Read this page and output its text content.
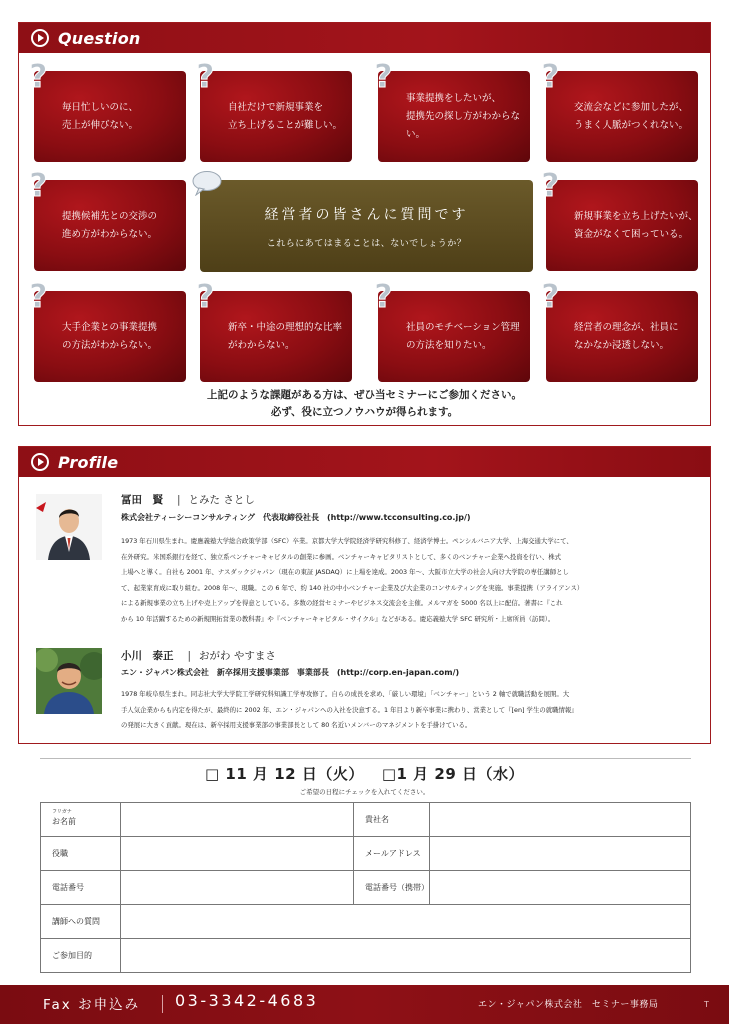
Question
毎日忙しいのに、
売上が伸びない。
自社だけで新規事業を
立ち上げることが難しい。
事業提携をしたいが、
提携先の探し方がわからない。
交流会などに参加したが、
うまく人脈がつくれない。
提携候補先との交渉の
進め方がわからない。
新規事業を立ち上げたいが、
資金がなくて困っている。
大手企業との事業提携
の方法がわからない。
新卒・中途の理想的な比率
がわからない。
社員のモチベーション管理
の方法を知りたい。
経営者の理念が、社員に
なかなか浸透しない。
経営者の皆さんに質問です
これらにあてはまることは、ないでしょうか？
?	?	?	?
?	?
?	?	?	?
上記のような課題がある方は、ぜひ当セミナーにご参加ください。
必ず、役に立つノウハウが得られます。
Profile
冨田　賢 | とみた さとし
株式会社ティーシーコンサルティング　代表取締役社長　(http://www.tcconsulting.co.jp/)
1973 年石川県生まれ。慶應義塾大学総合政策学部（SFC）卒業。京都大学大学院経済学研究科修了、経済学博士。ペンシルバニア大学、上海交通大学にて、
在外研究。米国系銀行を経て、独立系ベンチャーキャピタルの創業に参画。ベンチャーキャピタリストとして、多くのベンチャー企業へ投資を行い、株式
上場へと導く。自社も 2001 年、ナスダックジャパン（現在の東証 JASDAQ）に上場を達成。2003 年～、大阪市立大学の社会人向け大学院の専任講師とし
て、起業家育成に取り組む。2008 年～、現職。この 6 年で、約 140 社の中小ベンチャー企業及び大企業のコンサルティングを実施。事業提携（アライアンス）
による新規事業の立ち上げや売上アップを得意としている。多数の経営セミナーやビジネス交流会を主催。メルマガを 5000 名以上に配信。著書に『これ
から 10 年活躍するための新規開拓営業の教科書』や『ベンチャーキャピタル・サイクル』などがある。慶応義塾大学 SFC 研究所・上席所員（訪問）。
小川　泰正 | おがわ やすまさ
エン・ジャパン株式会社　新卒採用支援事業部　事業部長　(http://corp.en-japan.com/)
1978 年岐阜県生まれ。同志社大学大学院工学研究科知識工学専攻修了。自らの成長を求め、「厳しい環境」「ベンチャー」という 2 軸で就職活動を展開。大
手人気企業からも内定を得たが、最終的に 2002 年、エン・ジャパンへの入社を決意する。1 年目より新卒事業に携わり、営業として『[en] 学生の就職情報』
の発展に大きく貢献。現在は、新卒採用支援事業部の事業部長として 80 名近いメンバーのマネジメントを手掛けている。
□ 11 月 12 日（火） □1 月 29 日（水）
ご希望の日程にチェックを入れてください。
フリガナ
お名前		貴社名	
役職		メールアドレス	
電話番号		電話番号（携帯）	
講師への質問			
ご参加目的			
Fax お申込み 03-3342-4683	エン・ジャパン株式会社　セミナー事務局	T
